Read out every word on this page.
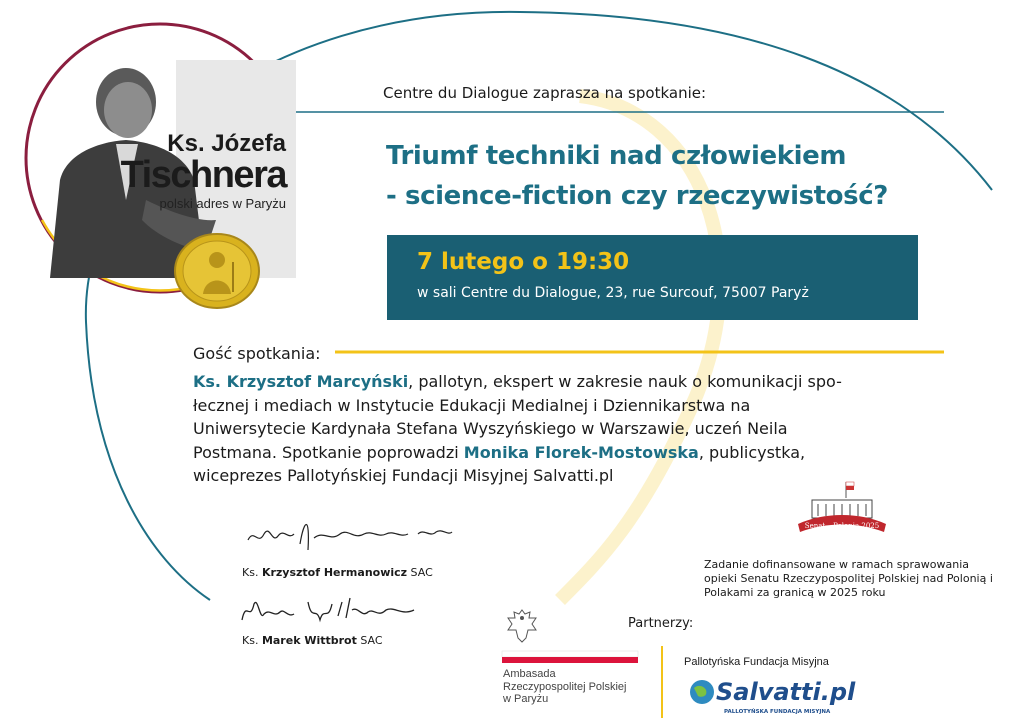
Ks. Józefa
Tischnera
polski adres w Paryżu
Centre du Dialogue zaprasza na spotkanie:
Triumf techniki nad człowiekiem
- science-fiction czy rzeczywistość?
7 lutego o 19:30
w sali Centre du Dialogue, 23, rue Surcouf, 75007 Paryż
Gość spotkania:
Ks. Krzysztof Marcyński, pallotyn, ekspert w zakresie nauk o komunikacji spo-łecznej i mediach w Instytucie Edukacji Medialnej i Dziennikarstwa na Uniwersytecie Kardynała Stefana Wyszyńskiego w Warszawie, uczeń Neila Postmana. Spotkanie poprowadzi Monika Florek-Mostowska, publicystka, wiceprezes Pallotyńskiej Fundacji Misyjnej Salvatti.pl
Ks. Krzysztof Hermanowicz SAC
Ks. Marek Wittbrot SAC
Senat – Polonia 2025
Zadanie dofinansowane w ramach sprawowania opieki Senatu Rzeczypospolitej Polskiej nad Polonią i Polakami za granicą w 2025 roku
Partnerzy:
Ambasada
Rzeczypospolitej Polskiej
w Paryżu
Pallotyńska Fundacja Misyjna
Salvatti.pl
PALLOTYŃSKA FUNDACJA MISYJNA
